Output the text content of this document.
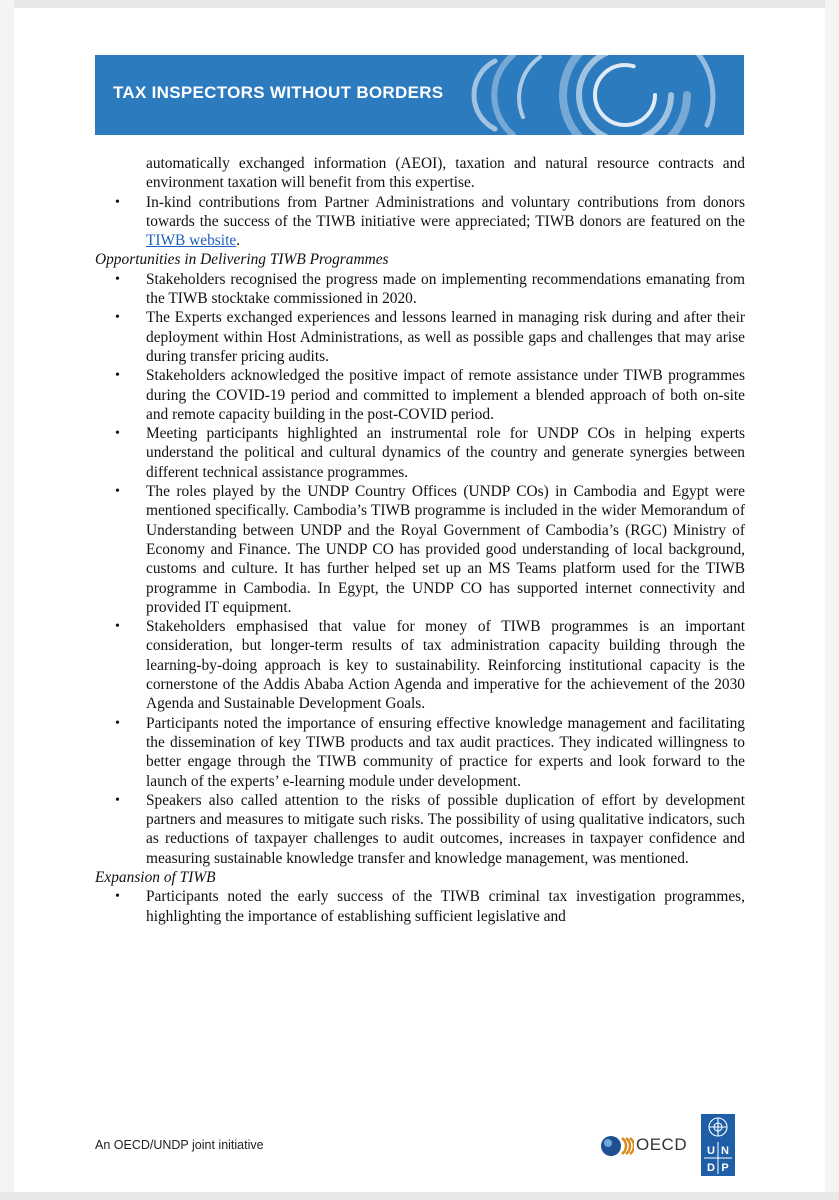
TAX INSPECTORS WITHOUT BORDERS

automatically exchanged information (AEOI), taxation and natural resource contracts and environment taxation will benefit from this expertise.

• In-kind contributions from Partner Administrations and voluntary contributions from donors towards the success of the TIWB initiative were appreciated; TIWB donors are featured on the TIWB website.

Opportunities in Delivering TIWB Programmes

• Stakeholders recognised the progress made on implementing recommendations emanating from the TIWB stocktake commissioned in 2020.
• The Experts exchanged experiences and lessons learned in managing risk during and after their deployment within Host Administrations, as well as possible gaps and challenges that may arise during transfer pricing audits.
• Stakeholders acknowledged the positive impact of remote assistance under TIWB programmes during the COVID-19 period and committed to implement a blended approach of both on-site and remote capacity building in the post-COVID period.
• Meeting participants highlighted an instrumental role for UNDP COs in helping experts understand the political and cultural dynamics of the country and generate synergies between different technical assistance programmes.
• The roles played by the UNDP Country Offices (UNDP COs) in Cambodia and Egypt were mentioned specifically. Cambodia’s TIWB programme is included in the wider Memorandum of Understanding between UNDP and the Royal Government of Cambodia’s (RGC) Ministry of Economy and Finance. The UNDP CO has provided good understanding of local background, customs and culture. It has further helped set up an MS Teams platform used for the TIWB programme in Cambodia. In Egypt, the UNDP CO has supported internet connectivity and provided IT equipment.
• Stakeholders emphasised that value for money of TIWB programmes is an important consideration, but longer-term results of tax administration capacity building through the learning-by-doing approach is key to sustainability. Reinforcing institutional capacity is the cornerstone of the Addis Ababa Action Agenda and imperative for the achievement of the 2030 Agenda and Sustainable Development Goals.
• Participants noted the importance of ensuring effective knowledge management and facilitating the dissemination of key TIWB products and tax audit practices. They indicated willingness to better engage through the TIWB community of practice for experts and look forward to the launch of the experts’ e-learning module under development.
• Speakers also called attention to the risks of possible duplication of effort by development partners and measures to mitigate such risks. The possibility of using qualitative indicators, such as reductions of taxpayer challenges to audit outcomes, increases in taxpayer confidence and measuring sustainable knowledge transfer and knowledge management, was mentioned.

Expansion of TIWB

• Participants noted the early success of the TIWB criminal tax investigation programmes, highlighting the importance of establishing sufficient legislative and
An OECD/UNDP joint initiative	OECD U N
D P
